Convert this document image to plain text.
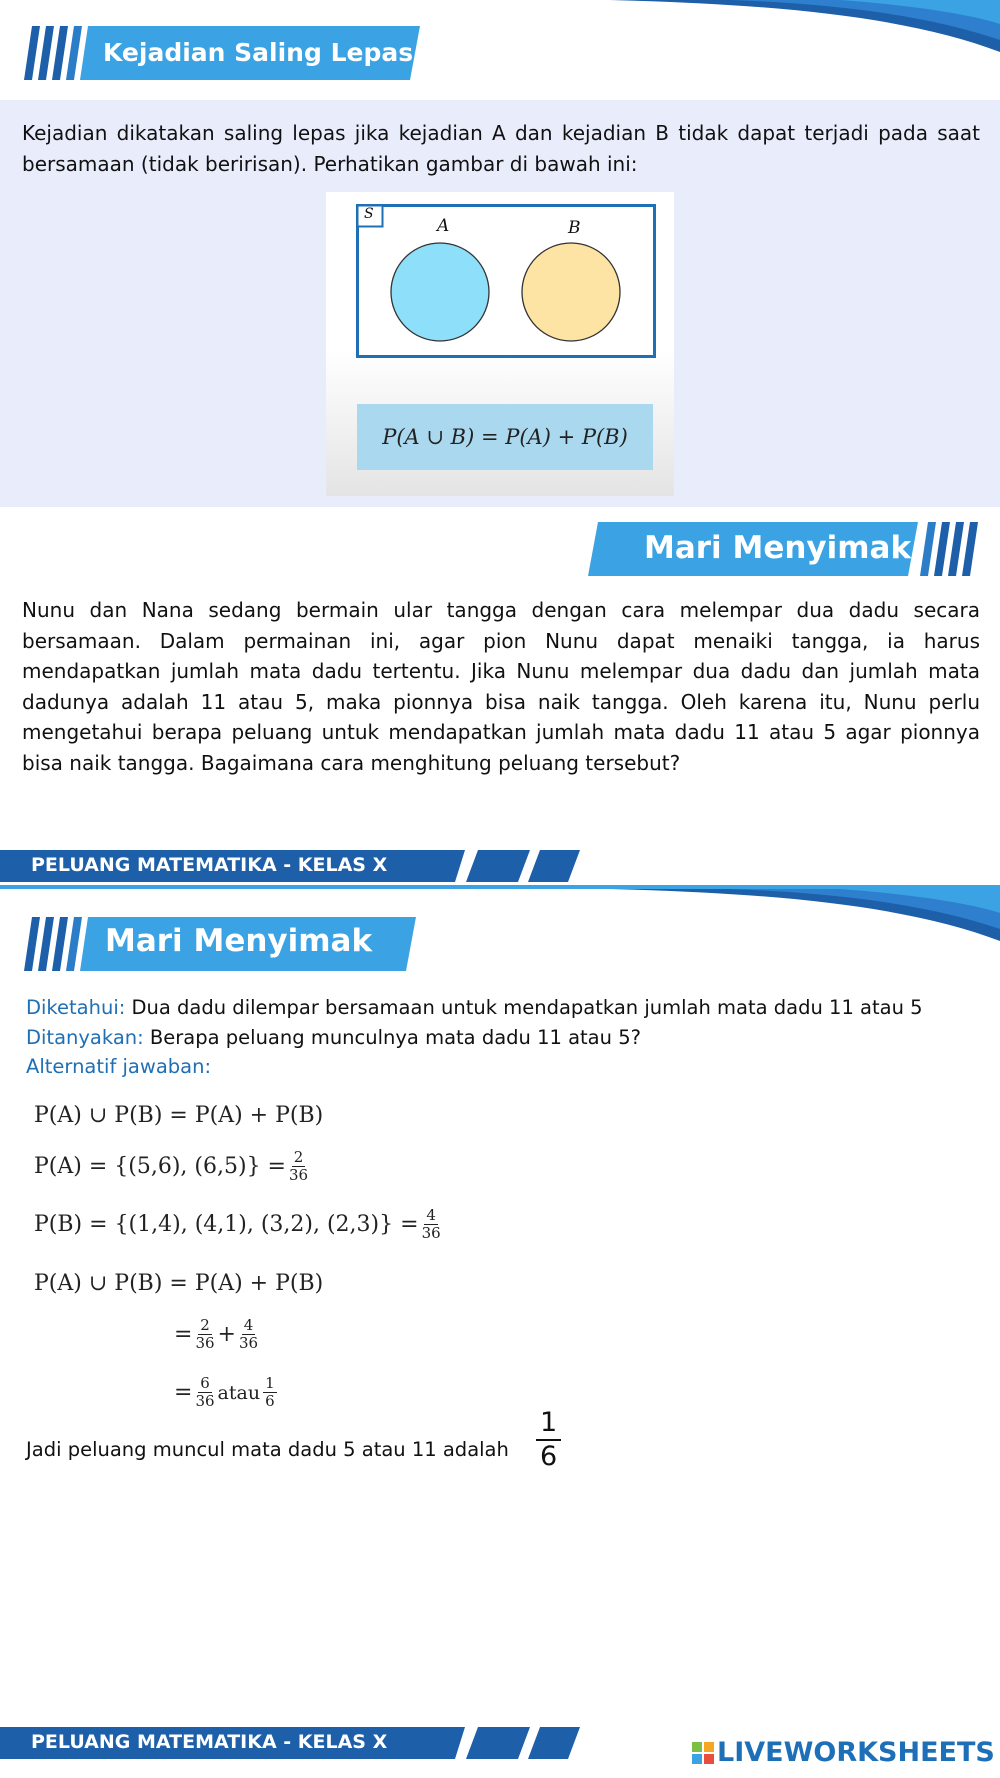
Kejadian Saling Lepas
Kejadian dikatakan saling lepas jika kejadian A dan kejadian B tidak dapat terjadi pada saat bersamaan (tidak beririsan). Perhatikan gambar di bawah ini:
S
A	B
P(A ∪ B) = P(A) + P(B)
Mari Menyimak
Nunu dan Nana sedang bermain ular tangga dengan cara melempar dua dadu secara bersamaan. Dalam permainan ini, agar pion Nunu dapat menaiki tangga, ia harus mendapatkan jumlah mata dadu tertentu. Jika Nunu melempar dua dadu dan jumlah mata dadunya adalah 11 atau 5, maka pionnya bisa naik tangga. Oleh karena itu, Nunu perlu mengetahui berapa peluang untuk mendapatkan jumlah mata dadu 11 atau 5 agar pionnya bisa naik tangga. Bagaimana cara menghitung peluang tersebut?
PELUANG MATEMATIKA - KELAS X
Mari Menyimak
Diketahui: Dua dadu dilempar bersamaan untuk mendapatkan jumlah mata dadu 11 atau 5
Ditanyakan: Berapa peluang munculnya mata dadu 11 atau 5?
Alternatif jawaban:
P(A) ∪ P(B) = P(A) + P(B)
P(A) = {(5,6), $(6,5)\} = \frac{2}{36}$
P(B) = {(1,4), (4,1), (3,2), $(2,3)\} = \frac{4}{36}$
P(A) ∪ P(B) = P(A) + P(B)
= $\frac{2}{36} + \frac{4}{36}$
= $\frac{6}{36}$ atau $\frac{1}{6}$
PELUANG MATEMATIKA - KELAS X
Jadi peluang muncul mata dadu 5 atau 11 adalah $\frac{1}{6}$
LIVEWORKSHEETS
